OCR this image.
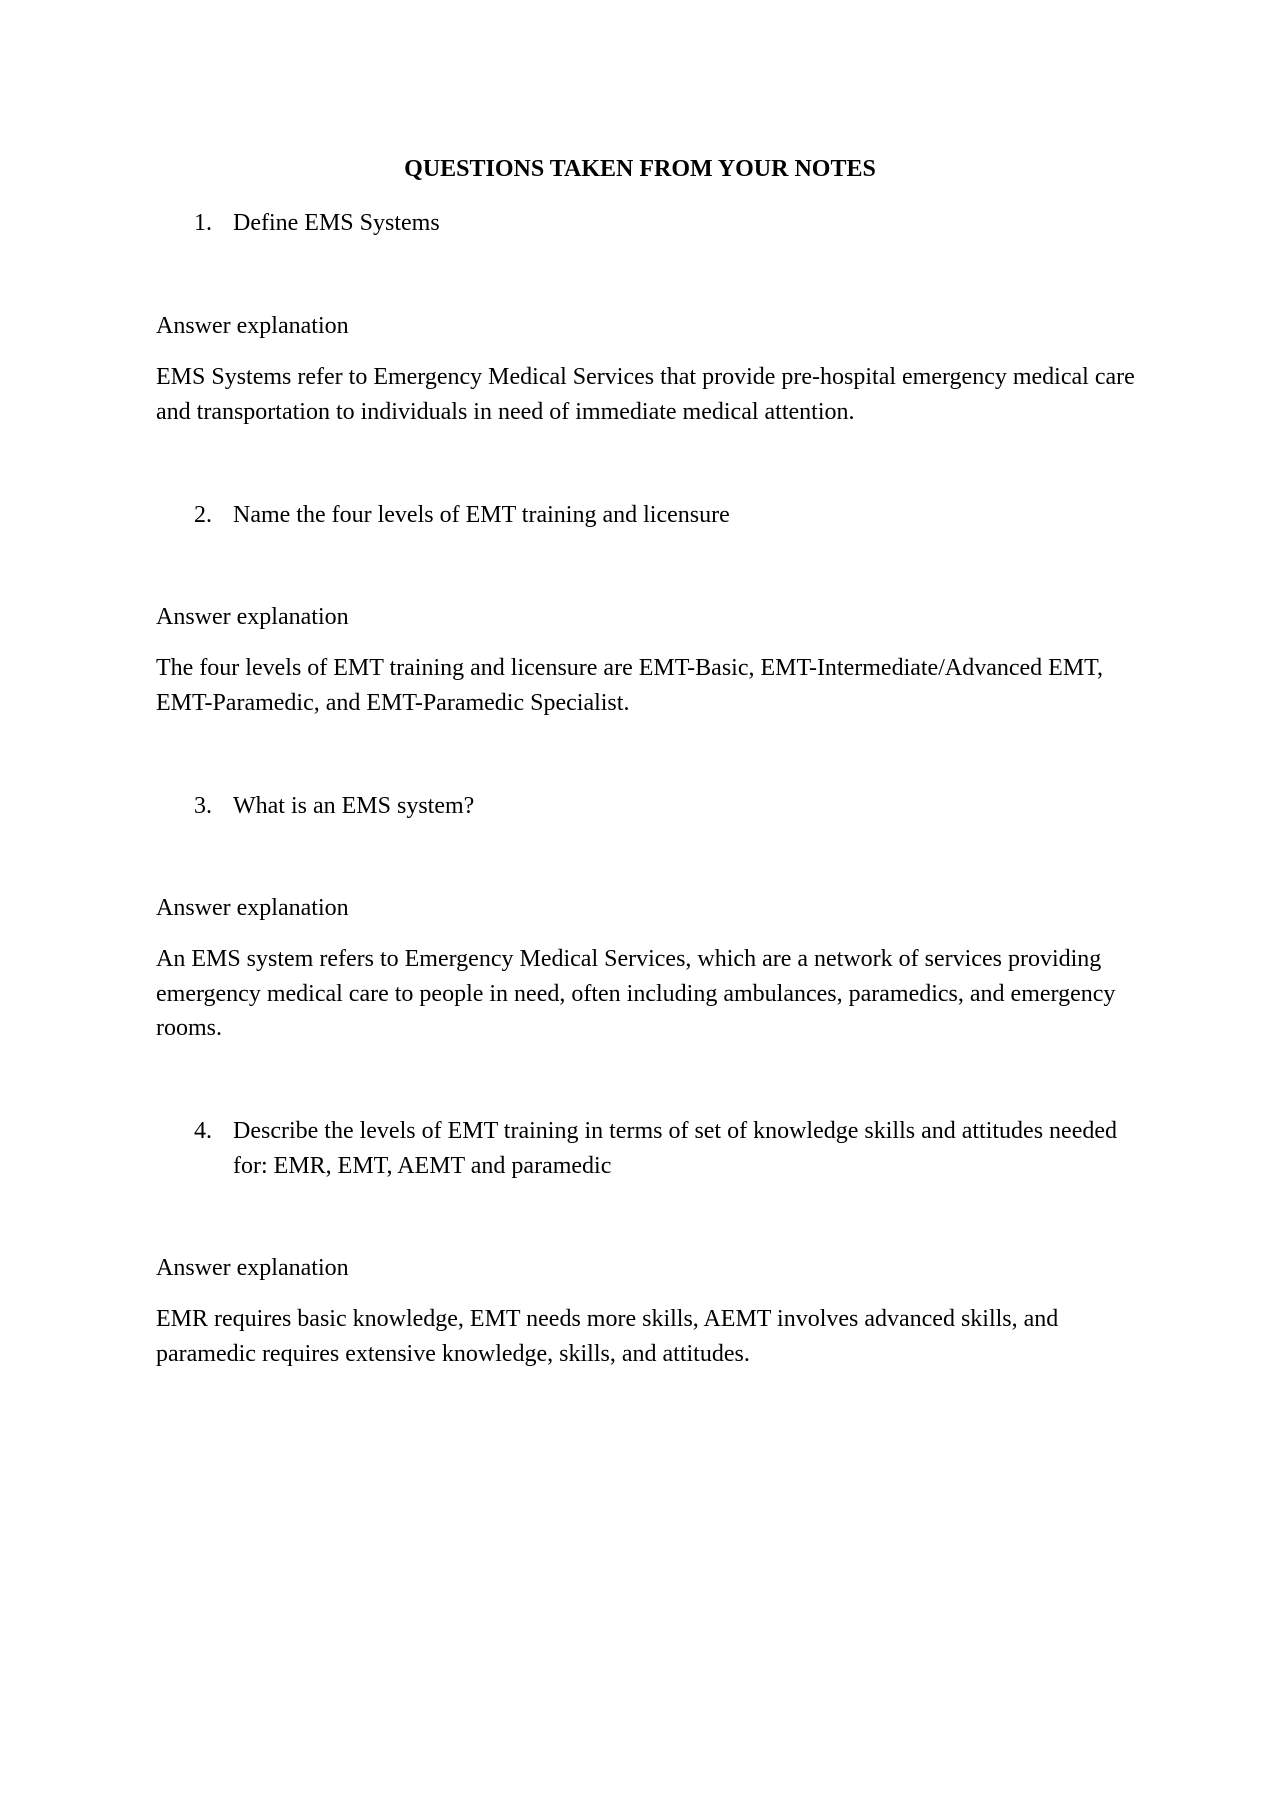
QUESTIONS TAKEN FROM YOUR NOTES
1. Define EMS Systems
Answer explanation
EMS Systems refer to Emergency Medical Services that provide pre-hospital emergency medical care and transportation to individuals in need of immediate medical attention.
2. Name the four levels of EMT training and licensure
Answer explanation
The four levels of EMT training and licensure are EMT-Basic, EMT-Intermediate/Advanced EMT, EMT-Paramedic, and EMT-Paramedic Specialist.
3. What is an EMS system?
Answer explanation
An EMS system refers to Emergency Medical Services, which are a network of services providing emergency medical care to people in need, often including ambulances, paramedics, and emergency rooms.
4. Describe the levels of EMT training in terms of set of knowledge skills and attitudes needed for: EMR, EMT, AEMT and paramedic
Answer explanation
EMR requires basic knowledge, EMT needs more skills, AEMT involves advanced skills, and paramedic requires extensive knowledge, skills, and attitudes.
